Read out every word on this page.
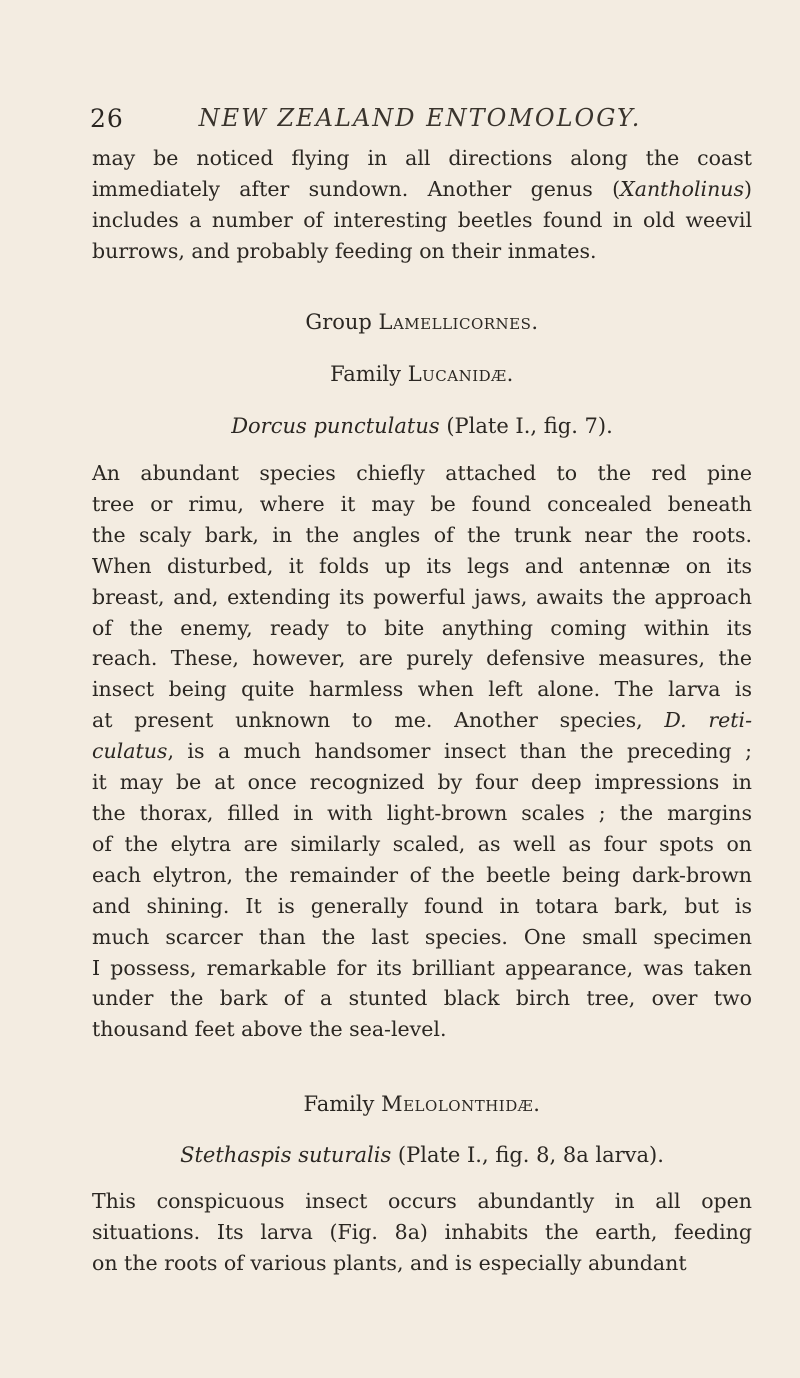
26	NEW ZEALAND ENTOMOLOGY.
may be noticed flying in all directions along the coast
immediately after sundown. Another genus (Xantholinus)
includes a number of interesting beetles found in old weevil
burrows, and probably feeding on their inmates.
Group Lamellicornes.
Family Lucanidæ.
Dorcus punctulatus (Plate I., fig. 7).
An abundant species chiefly attached to the red pine
tree or rimu, where it may be found concealed beneath
the scaly bark, in the angles of the trunk near the roots.
When disturbed, it folds up its legs and antennæ on its
breast, and, extending its powerful jaws, awaits the approach
of the enemy, ready to bite anything coming within its
reach. These, however, are purely defensive measures, the
insect being quite harmless when left alone. The larva is
at present unknown to me. Another species, D. reti-
culatus, is a much handsomer insect than the preceding ;
it may be at once recognized by four deep impressions in
the thorax, filled in with light-brown scales ; the margins
of the elytra are similarly scaled, as well as four spots on
each elytron, the remainder of the beetle being dark-brown
and shining. It is generally found in totara bark, but is
much scarcer than the last species. One small specimen
I possess, remarkable for its brilliant appearance, was taken
under the bark of a stunted black birch tree, over two
thousand feet above the sea-level.
Family Melolonthidæ.
Stethaspis suturalis (Plate I., fig. 8, 8a larva).
This conspicuous insect occurs abundantly in all open
situations. Its larva (Fig. 8a) inhabits the earth, feeding
on the roots of various plants, and is especially abundant
